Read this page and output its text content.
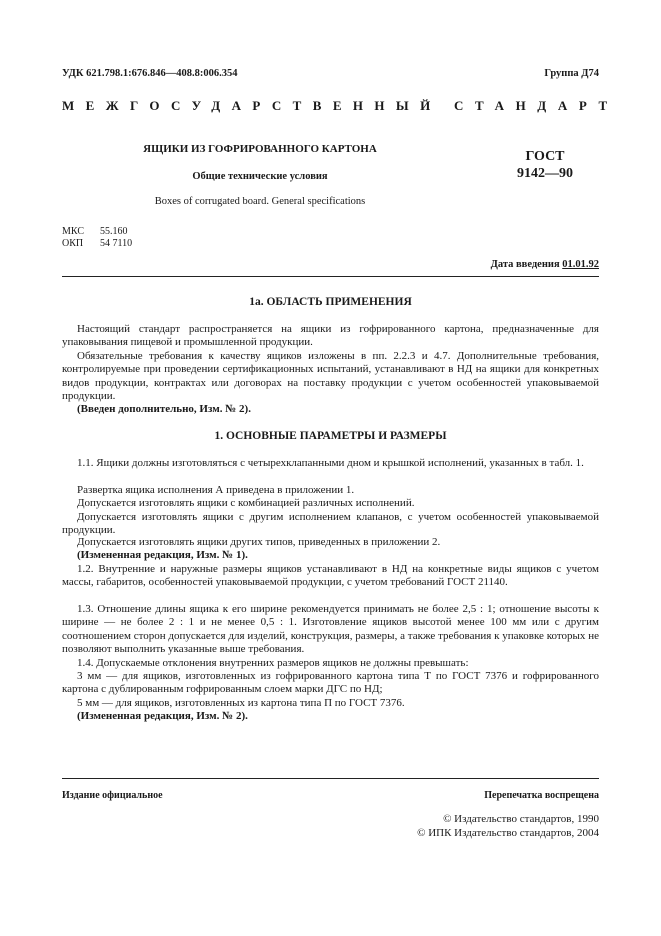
УДК 621.798.1:676.846—408.8:006.354	Группа Д74
МЕЖГОСУДАРСТВЕННЫЙ СТАНДАРТ
ЯЩИКИ ИЗ ГОФРИРОВАННОГО КАРТОНА
Общие технические условия
Boxes of corrugated board. General specifications
ГОСТ
9142—90
МКС 55.160
ОКП 54 7110
Дата введения 01.01.92
1а. ОБЛАСТЬ ПРИМЕНЕНИЯ

Настоящий стандарт распространяется на ящики из гофрированного картона, предназначенные для упаковывания пищевой и промышленной продукции.

Обязательные требования к качеству ящиков изложены в пп. 2.2.3 и 4.7. Дополнительные требования, контролируемые при проведении сертификационных испытаний, устанавливают в НД на ящики для конкретных видов продукции, контрактах или договорах на поставку продукции с учетом особенностей упаковываемой продукции.

(Введен дополнительно, Изм. № 2).

1. ОСНОВНЫЕ ПАРАМЕТРЫ И РАЗМЕРЫ

1.1. Ящики должны изготовляться с четырехклапанными дном и крышкой исполнений, указанных в табл. 1.

Развертка ящика исполнения А приведена в приложении 1.

Допускается изготовлять ящики с комбинацией различных исполнений.

Допускается изготовлять ящики с другим исполнением клапанов, с учетом особенностей упаковываемой продукции.

Допускается изготовлять ящики других типов, приведенных в приложении 2.

(Измененная редакция, Изм. № 1).

1.2. Внутренние и наружные размеры ящиков устанавливают в НД на конкретные виды ящиков с учетом массы, габаритов, особенностей упаковываемой продукции, с учетом требований ГОСТ 21140.

1.3. Отношение длины ящика к его ширине рекомендуется принимать не более 2,5 : 1; отношение высоты к ширине — не более 2 : 1 и не менее 0,5 : 1. Изготовление ящиков высотой менее 100 мм или с другим соотношением сторон допускается для изделий, конструкция, размеры, а также требования к упаковке которых не позволяют выполнить указанные выше требования.

1.4. Допускаемые отклонения внутренних размеров ящиков не должны превышать:

3 мм — для ящиков, изготовленных из гофрированного картона типа Т по ГОСТ 7376 и гофрированного картона с дублированным гофрированным слоем марки ДГС по НД;

5 мм — для ящиков, изготовленных из картона типа П по ГОСТ 7376.

(Измененная редакция, Изм. № 2).

Издание официальное	Перепечатка воспрещена
© Издательство стандартов, 1990
© ИПК Издательство стандартов, 2004
